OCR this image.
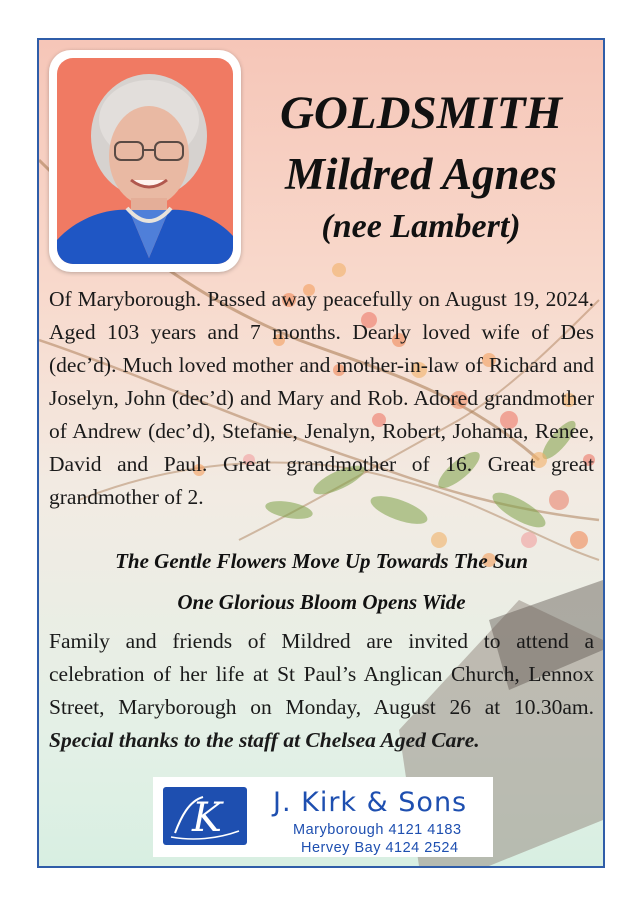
GOLDSMITH
Mildred Agnes
(nee Lambert)
Of Maryborough. Passed away peacefully on August 19, 2024. Aged 103 years and 7 months. Dearly loved wife of Des (dec’d). Much loved mother and mother-in-law of Richard and Joselyn, John (dec’d) and Mary and Rob. Adored grandmother of Andrew (dec’d), Stefanie, Jenalyn, Robert, Johanna, Renee, David and Paul. Great grandmother of 16. Great great grandmother of 2.
The Gentle Flowers Move Up Towards The Sun
One Glorious Bloom Opens Wide
Family and friends of Mildred are invited to attend a celebration of her life at St Paul’s Anglican Church, Lennox Street, Maryborough on Monday, August 26 at 10.30am. Special thanks to the staff at Chelsea Aged Care.
K J. Kirk & Sons
Maryborough 4121 4183
Hervey Bay 4124 2524
